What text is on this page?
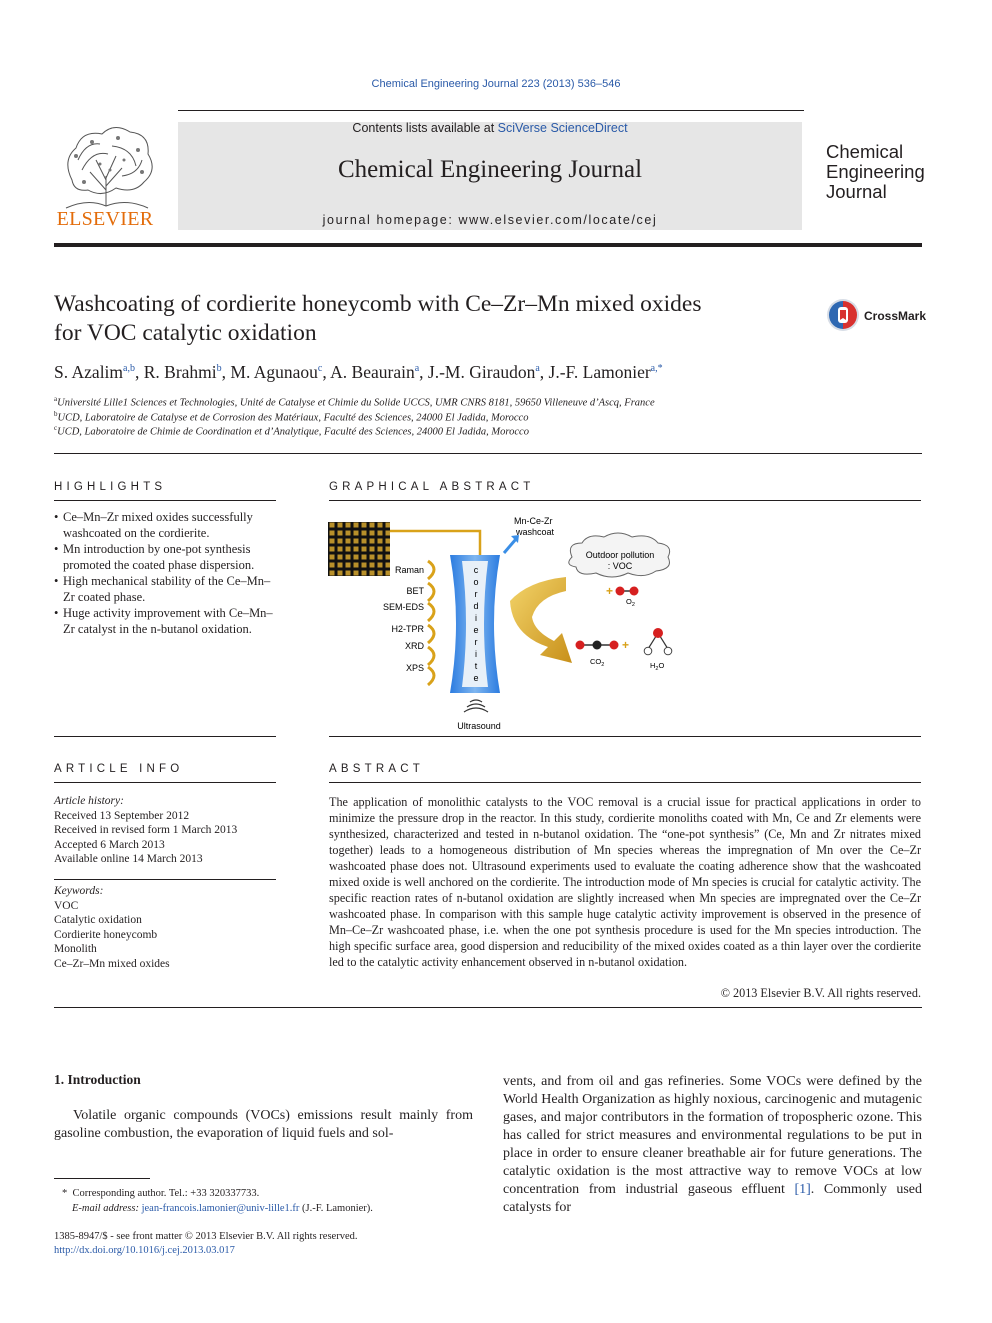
Chemical Engineering Journal 223 (2013) 536–546
ELSEVIER
Contents lists available at SciVerse ScienceDirect
Chemical Engineering Journal
journal homepage: www.elsevier.com/locate/cej
Chemical
Engineering
Journal
Washcoating of cordierite honeycomb with Ce–Zr–Mn mixed oxides
for VOC catalytic oxidation
CrossMark
S. Azalim$^{a,b}$, R. Brahmi$^b$, M. Agunaou$^c$, A. Beaurain$^a$, J.-M. Giraudon$^a$, J.-F. Lamonier$^{a,*}$
$^a$Université Lille1 Sciences et Technologies, Unité de Catalyse et Chimie du Solide UCCS, UMR CNRS 8181, 59650 Villeneuve d’Ascq, France
$^b$UCD, Laboratoire de Catalyse et de Corrosion des Matériaux, Faculté des Sciences, 24000 El Jadida, Morocco
$^c$UCD, Laboratoire de Chimie de Coordination et d’Analytique, Faculté des Sciences, 24000 El Jadida, Morocco
HIGHLIGHTS
• Ce–Mn–Zr mixed oxides successfully washcoated on the cordierite.
• Mn introduction by one-pot synthesis promoted the coated phase dispersion.
• High mechanical stability of the Ce–Mn–Zr coated phase.
• Huge activity improvement with Ce–Mn–Zr catalyst in the n-butanol oxidation.
GRAPHICAL ABSTRACT
Mn-Ce-Zr
washcoat
Outdoor pollution
: VOC
+
$O_2$
Raman
BET
SEM-EDS
H2-TPR
XRD
XPS
c
o
r
d
i
e
r
i
t
e
$CO_2$
+
$H_2O$
Ultrasound
ARTICLE INFO
Article history:
Received 13 September 2012
Received in revised form 1 March 2013
Accepted 6 March 2013
Available online 14 March 2013
Keywords:
VOC
Catalytic oxidation
Cordierite honeycomb
Monolith
Ce–Zr–Mn mixed oxides
ABSTRACT
The application of monolithic catalysts to the VOC removal is a crucial issue for practical applications in order to minimize the pressure drop in the reactor. In this study, cordierite monoliths coated with Mn, Ce and Zr elements were synthesized, characterized and tested in n-butanol oxidation. The “one-pot synthesis” (Ce, Mn and Zr nitrates mixed together) leads to a homogeneous distribution of Mn species whereas the impregnation of Mn over the Ce–Zr washcoated phase does not. Ultrasound experiments used to evaluate the coating adherence show that the washcoated mixed oxide is well anchored on the cordierite. The introduction mode of Mn species is crucial for catalytic activity. The specific reaction rates of n-butanol oxidation are slightly increased when Mn species are impregnated over the Ce–Zr washcoated phase. In comparison with this sample huge catalytic activity improvement is observed in the presence of Mn–Ce–Zr washcoated phase, i.e. when the one pot synthesis procedure is used for the Mn species introduction. The high specific surface area, good dispersion and reducibility of the mixed oxides coated as a thin layer over the cordierite led to the catalytic activity enhancement observed in n-butanol oxidation.
© 2013 Elsevier B.V. All rights reserved.
1. Introduction
Volatile organic compounds (VOCs) emissions result mainly from gasoline combustion, the evaporation of liquid fuels and sol-
vents, and from oil and gas refineries. Some VOCs were defined by the World Health Organization as highly noxious, carcinogenic and mutagenic gases, and major contributors in the formation of tropospheric ozone. This has called for strict measures and environmental regulations to be put in place in order to ensure cleaner breathable air for future generations. The catalytic oxidation is the most attractive way to remove VOCs at low concentration from industrial gaseous effluent [1]. Commonly used catalysts for
* Corresponding author. Tel.: +33 320337733.
E-mail address: jean-francois.lamonier@univ-lille1.fr (J.-F. Lamonier).
1385-8947/$ - see front matter © 2013 Elsevier B.V. All rights reserved.
http://dx.doi.org/10.1016/j.cej.2013.03.017
